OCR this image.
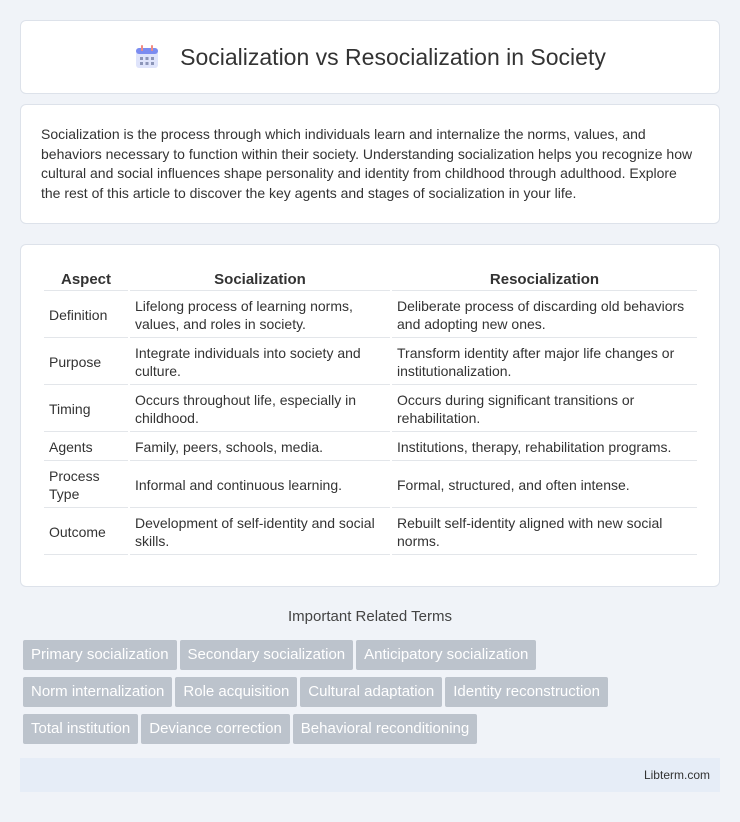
Socialization vs Resocialization in Society

Socialization is the process through which individuals learn and internalize the norms, values, and behaviors necessary to function within their society. Understanding socialization helps you recognize how cultural and social influences shape personality and identity from childhood through adulthood. Explore the rest of this article to discover the key agents and stages of socialization in your life.

Aspect	Socialization	Resocialization
Definition	Lifelong process of learning norms, values, and roles in society.	Deliberate process of discarding old behaviors and adopting new ones.
Purpose	Integrate individuals into society and culture.	Transform identity after major life changes or institutionalization.
Timing	Occurs throughout life, especially in childhood.	Occurs during significant transitions or rehabilitation.
Agents	Family, peers, schools, media.	Institutions, therapy, rehabilitation programs.
Process Type	Informal and continuous learning.	Formal, structured, and often intense.
Outcome	Development of self-identity and social skills.	Rebuilt self-identity aligned with new social norms.
Important Related Terms
Primary socialization Secondary socialization Anticipatory socialization
Norm internalization Role acquisition Cultural adaptation Identity reconstruction
Total institution Deviance correction Behavioral reconditioning
Libterm.com
